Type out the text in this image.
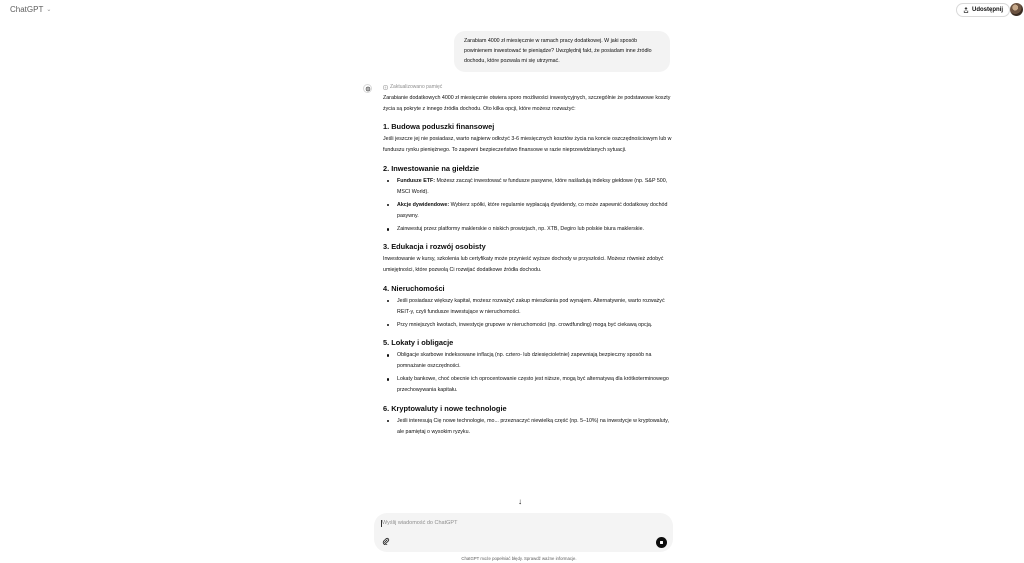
ChatGPT ⌄	Udostępnij
Zarabiam 4000 zł miesięcznie w ramach pracy dodatkowej. W jaki sposób powinienem inwestować te pieniądze? Uwzględnij fakt, że posiadam inne źródło dochodu, które pozwala mi się utrzymać.
Zaktualizowano pamięć
Zarabianie dodatkowych 4000 zł miesięcznie otwiera sporo możliwości inwestycyjnych, szczególnie że podstawowe koszty życia są pokryte z innego źródła dochodu. Oto kilka opcji, które możesz rozważyć:
1. Budowa poduszki finansowej
Jeśli jeszcze jej nie posiadasz, warto najpierw odłożyć 3-6 miesięcznych kosztów życia na koncie oszczędnościowym lub w funduszu rynku pieniężnego. To zapewni bezpieczeństwo finansowe w razie nieprzewidzianych sytuacji.
2. Inwestowanie na giełdzie
Fundusze ETF: Możesz zacząć inwestować w fundusze pasywne, które naśladują indeksy giełdowe (np. S&P 500, MSCI World).
Akcje dywidendowe: Wybierz spółki, które regularnie wypłacają dywidendy, co może zapewnić dodatkowy dochód pasywny.
Zainwestuj przez platformy maklerskie o niskich prowizjach, np. XTB, Degiro lub polskie biura maklerskie.
3. Edukacja i rozwój osobisty
Inwestowanie w kursy, szkolenia lub certyfikaty może przynieść wyższe dochody w przyszłości. Możesz również zdobyć umiejętności, które pozwolą Ci rozwijać dodatkowe źródła dochodu.
4. Nieruchomości
Jeśli posiadasz większy kapitał, możesz rozważyć zakup mieszkania pod wynajem. Alternatywnie, warto rozważyć REIT-y, czyli fundusze inwestujące w nieruchomości.
Przy mniejszych kwotach, inwestycje grupowe w nieruchomości (np. crowdfunding) mogą być ciekawą opcją.
5. Lokaty i obligacje
Obligacje skarbowe indeksowane inflacją (np. cztero- lub dziesięcioletnie) zapewniają bezpieczny sposób na pomnażanie oszczędności.
Lokaty bankowe, choć obecnie ich oprocentowanie często jest niższe, mogą być alternatywą dla krótkoterminowego przechowywania kapitału.
6. Kryptowaluty i nowe technologie
Jeśli interesują Cię nowe technologie, mo... przeznaczyć niewielką część (np. 5–10%) na inwestycje w kryptowaluty, ale pamiętaj o wysokim ryzyku.
↓
Wyślij wiadomość do ChatGPT
ChatGPT może popełniać błędy. Sprawdź ważne informacje.
